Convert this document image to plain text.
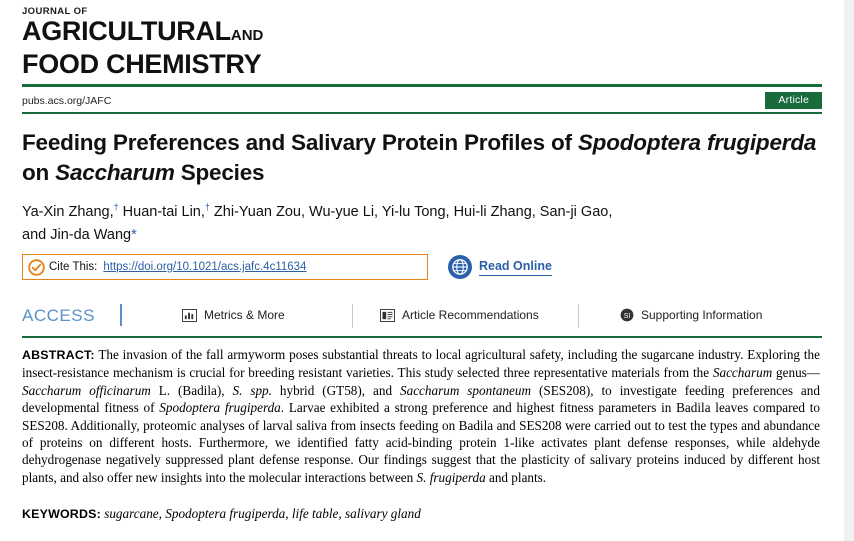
JOURNAL OF
AGRICULTURALAND
FOOD CHEMISTRY
pubs.acs.org/JAFC	Article
Feeding Preferences and Salivary Protein Profiles of Spodoptera frugiperda on Saccharum Species
Ya-Xin Zhang,† Huan-tai Lin,† Zhi-Yuan Zou, Wu-yue Li, Yi-lu Tong, Hui-li Zhang, San-ji Gao,
and Jin-da Wang*
Cite This: https://doi.org/10.1021/acs.jafc.4c11634	Read Online
ACCESS	Metrics & More	Article Recommendations	SI Supporting Information
ABSTRACT: The invasion of the fall armyworm poses substantial threats to local agricultural safety, including the sugarcane industry. Exploring the insect-resistance mechanism is crucial for breeding resistant varieties. This study selected three representative materials from the Saccharum genus—Saccharum officinarum L. (Badila), S. spp. hybrid (GT58), and Saccharum spontaneum (SES208), to investigate feeding preferences and developmental fitness of Spodoptera frugiperda. Larvae exhibited a strong preference and highest fitness parameters in Badila leaves compared to SES208. Additionally, proteomic analyses of larval saliva from insects feeding on Badila and SES208 were carried out to test the types and abundance of proteins on different hosts. Furthermore, we identified fatty acid-binding protein 1-like activates plant defense responses, while aldehyde dehydrogenase negatively suppressed plant defense response. Our findings suggest that the plasticity of salivary proteins induced by different host plants, and also offer new insights into the molecular interactions between S. frugiperda and plants.
KEYWORDS: sugarcane, Spodoptera frugiperda, life table, salivary gland
